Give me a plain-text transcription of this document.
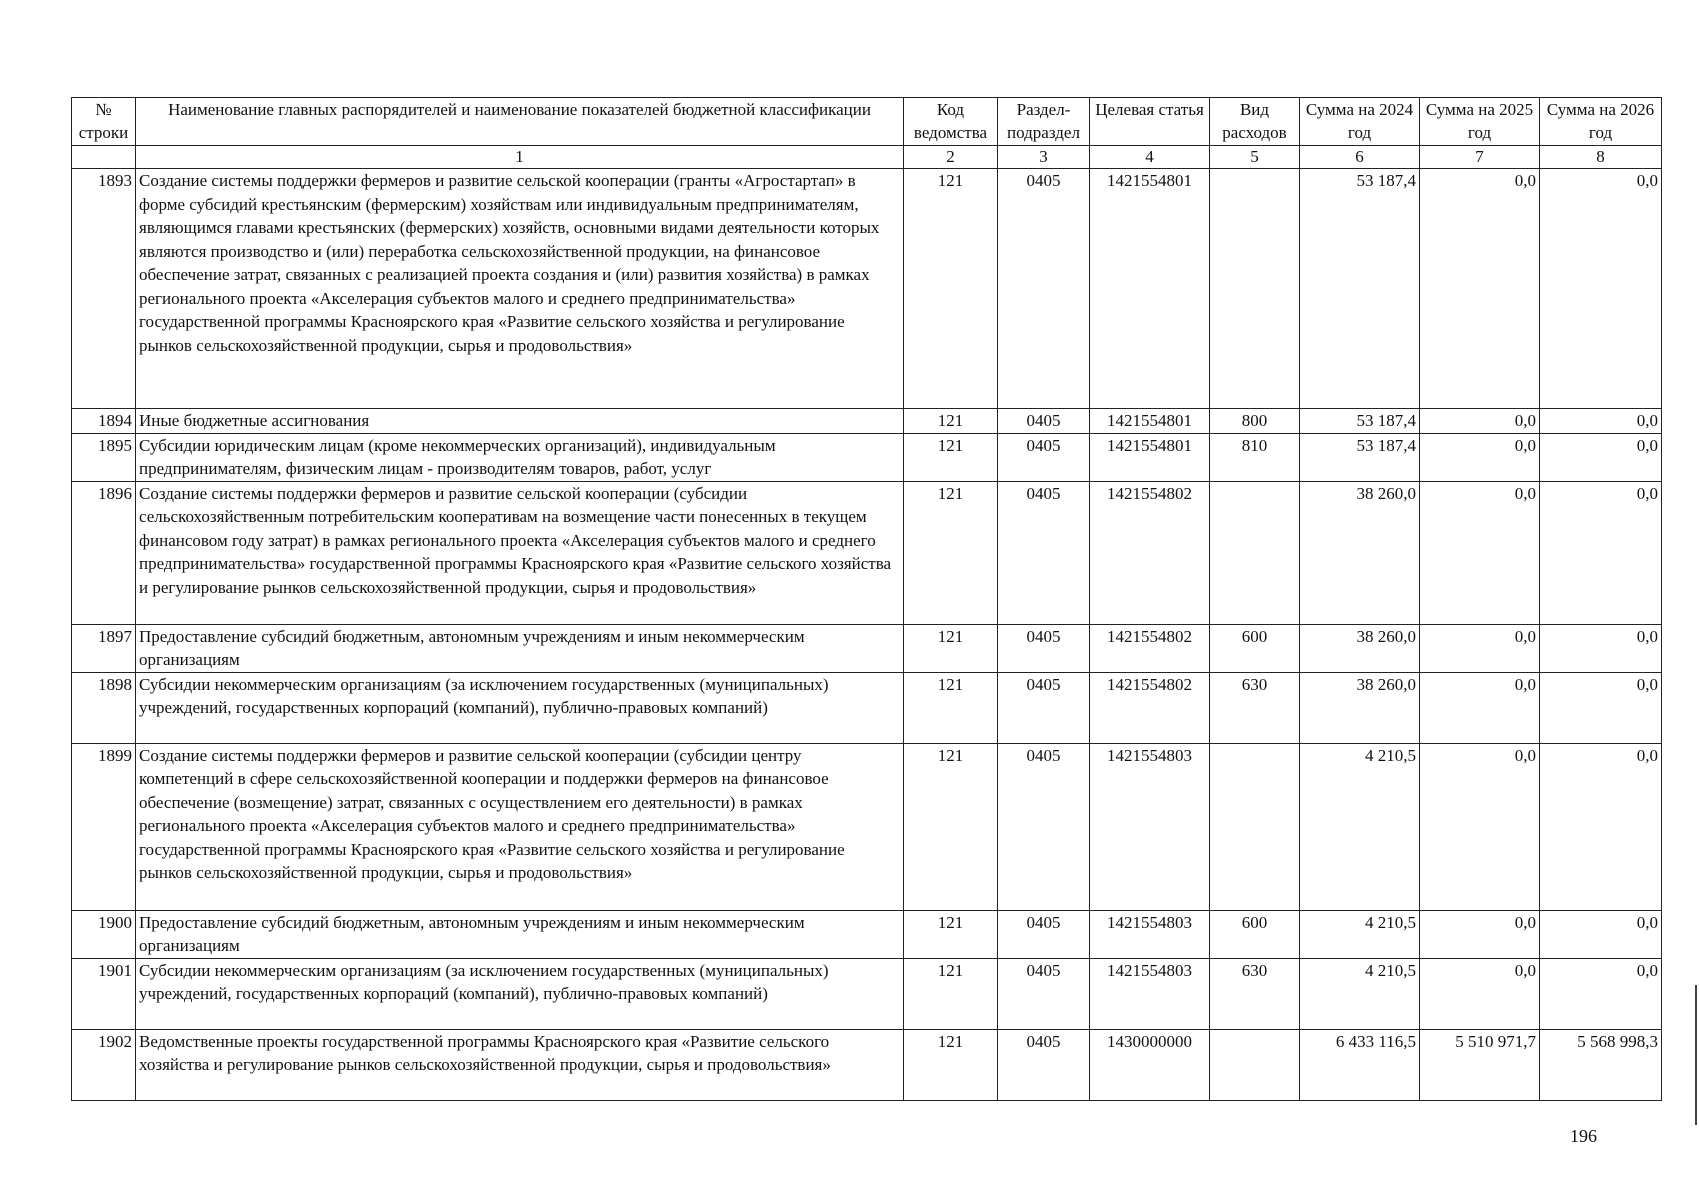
№ строки	Наименование главных распорядителей и наименование показателей бюджетной классификации	Код ведомства	Раздел-подраздел	Целевая статья	Вид расходов	Сумма на 2024 год	Сумма на 2025 год	Сумма на 2026 год
	1	2	3	4	5	6	7	8
1893	Создание системы поддержки фермеров и развитие сельской кооперации (гранты «Агростартап» в форме субсидий крестьянским (фермерским) хозяйствам или индивидуальным предпринимателям, являющимся главами крестьянских (фермерских) хозяйств, основными видами деятельности которых являются производство и (или) переработка сельскохозяйственной продукции, на финансовое обеспечение затрат, связанных с реализацией проекта создания и (или) развития хозяйства) в рамках регионального проекта «Акселерация субъектов малого и среднего предпринимательства» государственной программы Красноярского края «Развитие сельского хозяйства и регулирование рынков сельскохозяйственной продукции, сырья и продовольствия»	121	0405	1421554801		53 187,4	0,0	0,0
1894	Иные бюджетные ассигнования	121	0405	1421554801	800	53 187,4	0,0	0,0
1895	Субсидии юридическим лицам (кроме некоммерческих организаций), индивидуальным предпринимателям, физическим лицам - производителям товаров, работ, услуг	121	0405	1421554801	810	53 187,4	0,0	0,0
1896	Создание системы поддержки фермеров и развитие сельской кооперации (субсидии сельскохозяйственным потребительским кооперативам на возмещение части понесенных в текущем финансовом году затрат) в рамках регионального проекта «Акселерация субъектов малого и среднего предпринимательства» государственной программы Красноярского края «Развитие сельского хозяйства и регулирование рынков сельскохозяйственной продукции, сырья и продовольствия»	121	0405	1421554802		38 260,0	0,0	0,0
1897	Предоставление субсидий бюджетным, автономным учреждениям и иным некоммерческим организациям	121	0405	1421554802	600	38 260,0	0,0	0,0
1898	Субсидии некоммерческим организациям (за исключением государственных (муниципальных) учреждений, государственных корпораций (компаний), публично-правовых компаний)	121	0405	1421554802	630	38 260,0	0,0	0,0
1899	Создание системы поддержки фермеров и развитие сельской кооперации (субсидии центру компетенций в сфере сельскохозяйственной кооперации и поддержки фермеров на финансовое обеспечение (возмещение) затрат, связанных с осуществлением его деятельности) в рамках регионального проекта «Акселерация субъектов малого и среднего предпринимательства» государственной программы Красноярского края «Развитие сельского хозяйства и регулирование рынков сельскохозяйственной продукции, сырья и продовольствия»	121	0405	1421554803		4 210,5	0,0	0,0
1900	Предоставление субсидий бюджетным, автономным учреждениям и иным некоммерческим организациям	121	0405	1421554803	600	4 210,5	0,0	0,0
1901	Субсидии некоммерческим организациям (за исключением государственных (муниципальных) учреждений, государственных корпораций (компаний), публично-правовых компаний)	121	0405	1421554803	630	4 210,5	0,0	0,0
1902	Ведомственные проекты государственной программы Красноярского края «Развитие сельского хозяйства и регулирование рынков сельскохозяйственной продукции, сырья и продовольствия»	121	0405	1430000000		6 433 116,5	5 510 971,7	5 568 998,3
196
